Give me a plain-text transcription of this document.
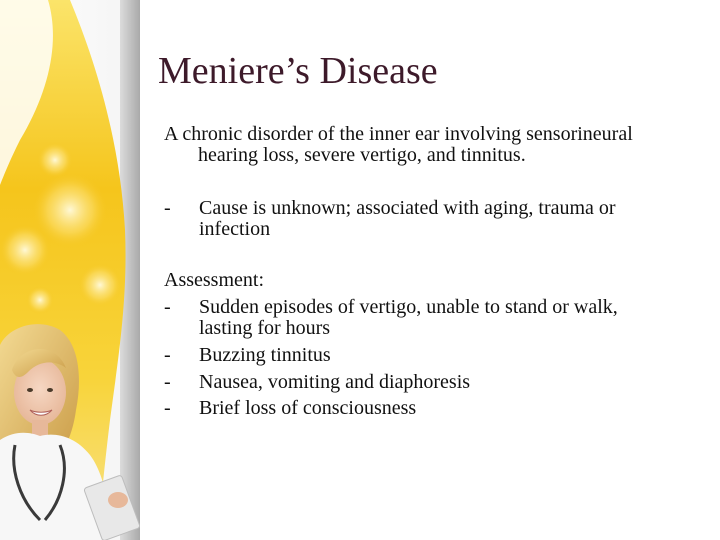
Meniere’s Disease
A chronic disorder of the inner ear involving sensorineural
hearing loss, severe vertigo, and tinnitus.
-	Cause is unknown; associated with aging, trauma or
infection
Assessment:
-	Sudden episodes of vertigo, unable to stand or walk,
lasting for hours
-	Buzzing tinnitus
-	Nausea, vomiting and diaphoresis
-	Brief loss of consciousness
